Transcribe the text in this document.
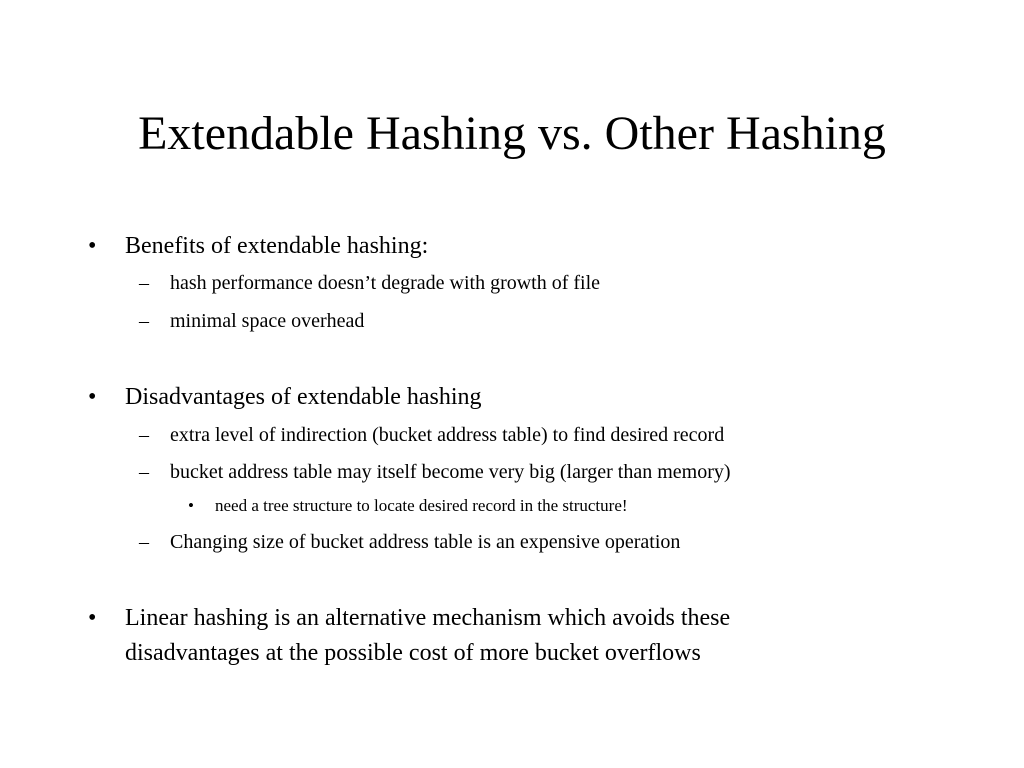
Extendable Hashing vs. Other Hashing
• Benefits of extendable hashing:
– hash performance doesn’t degrade with growth of file
– minimal space overhead
• Disadvantages of extendable hashing
– extra level of indirection (bucket address table) to find desired record
– bucket address table may itself become very big (larger than memory)
• need a tree structure to locate desired record in the structure!
– Changing size of bucket address table is an expensive operation
• Linear hashing is an alternative mechanism which avoids these
disadvantages at the possible cost of more bucket overflows
